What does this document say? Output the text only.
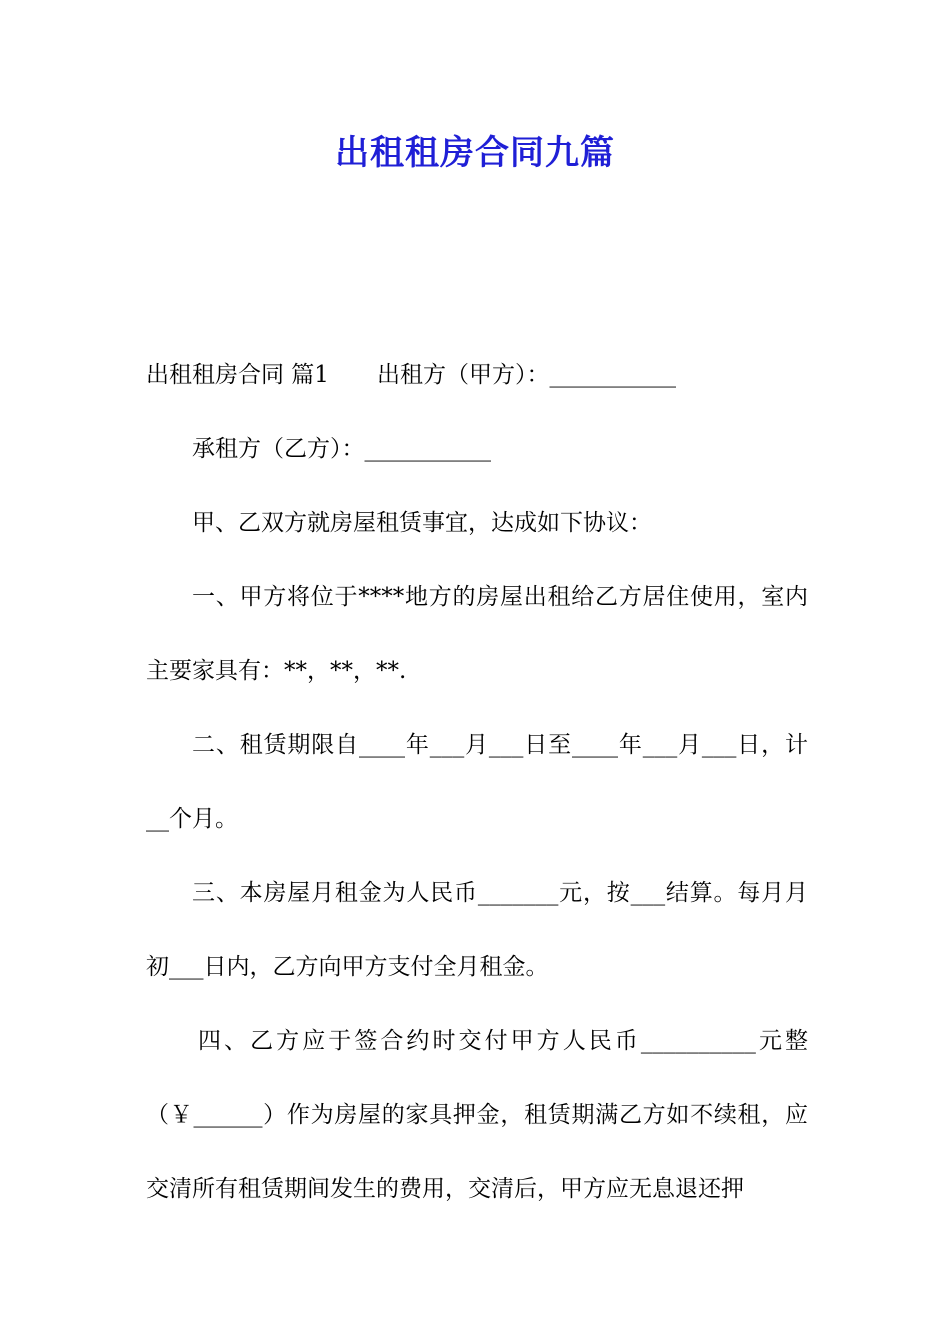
出租租房合同九篇

出租租房合同 篇1 出租方（甲方）：___________

承租方（乙方）：___________

甲、乙双方就房屋租赁事宜，达成如下协议：

一、甲方将位于****地方的房屋出租给乙方居住使用，室内主要家具有：**，**，**.

二、租赁期限自____年___月___日至____年___月___日，计__个月。

三、本房屋月租金为人民币_______元，按___结算。每月月初___日内，乙方向甲方支付全月租金。

四、乙方应于签合约时交付甲方人民币__________元整（￥______）作为房屋的家具押金，租赁期满乙方如不续租，应交清所有租赁期间发生的费用，交清后，甲方应无息退还押
